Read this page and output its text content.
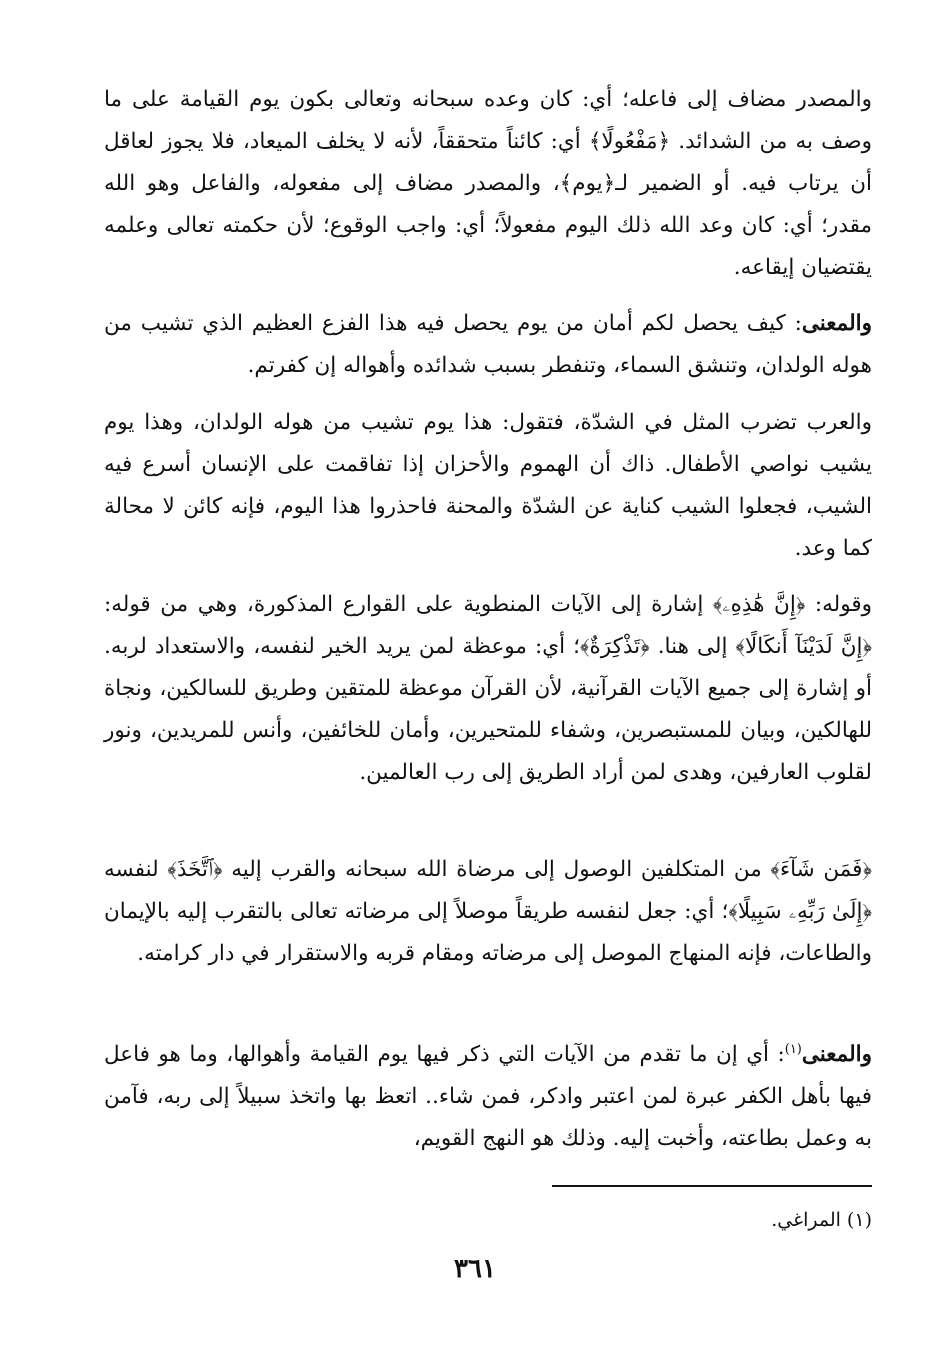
والمصدر مضاف إلى فاعله؛ أي: كان وعده سبحانه وتعالى بكون يوم القيامة على ما وصف به من الشدائد. ﴿مَفْعُولًا﴾ أي: كائناً متحققاً، لأنه لا يخلف الميعاد، فلا يجوز لعاقل أن يرتاب فيه. أو الضمير لـ﴿يوم﴾، والمصدر مضاف إلى مفعوله، والفاعل وهو الله مقدر؛ أي: كان وعد الله ذلك اليوم مفعولاً؛ أي: واجب الوقوع؛ لأن حكمته تعالى وعلمه يقتضيان إيقاعه.

والمعنى: كيف يحصل لكم أمان من يوم يحصل فيه هذا الفزع العظيم الذي تشيب من هوله الولدان، وتنشق السماء، وتنفطر بسبب شدائده وأهواله إن كفرتم.

والعرب تضرب المثل في الشدّة، فتقول: هذا يوم تشيب من هوله الولدان، وهذا يوم يشيب نواصي الأطفال. ذاك أن الهموم والأحزان إذا تفاقمت على الإنسان أسرع فيه الشيب، فجعلوا الشيب كناية عن الشدّة والمحنة فاحذروا هذا اليوم، فإنه كائن لا محالة كما وعد.

وقوله: ﴿إِنَّ هَٰذِهِۦ﴾ إشارة إلى الآيات المنطوية على القوارع المذكورة، وهي من قوله: ﴿إِنَّ لَدَيْنَآ أَنكَالًا﴾ إلى هنا. ﴿تَذْكِرَةٌ﴾؛ أي: موعظة لمن يريد الخير لنفسه، والاستعداد لربه. أو إشارة إلى جميع الآيات القرآنية، لأن القرآن موعظة للمتقين وطريق للسالكين، ونجاة للهالكين، وبيان للمستبصرين، وشفاء للمتحيرين، وأمان للخائفين، وأنس للمريدين، ونور لقلوب العارفين، وهدى لمن أراد الطريق إلى رب العالمين.

﴿فَمَن شَآءَ﴾ من المتكلفين الوصول إلى مرضاة الله سبحانه والقرب إليه ﴿ٱتَّخَذَ﴾ لنفسه ﴿إِلَىٰ رَبِّهِۦ سَبِيلًا﴾؛ أي: جعل لنفسه طريقاً موصلاً إلى مرضاته تعالى بالتقرب إليه بالإيمان والطاعات، فإنه المنهاج الموصل إلى مرضاته ومقام قربه والاستقرار في دار كرامته.

والمعنى$^{(١)}$: أي إن ما تقدم من الآيات التي ذكر فيها يوم القيامة وأهوالها، وما هو فاعل فيها بأهل الكفر عبرة لمن اعتبر وادكر، فمن شاء.. اتعظ بها واتخذ سبيلاً إلى ربه، فآمن به وعمل بطاعته، وأخبت إليه. وذلك هو النهج القويم،

(١) المراغي.
٣٦١
